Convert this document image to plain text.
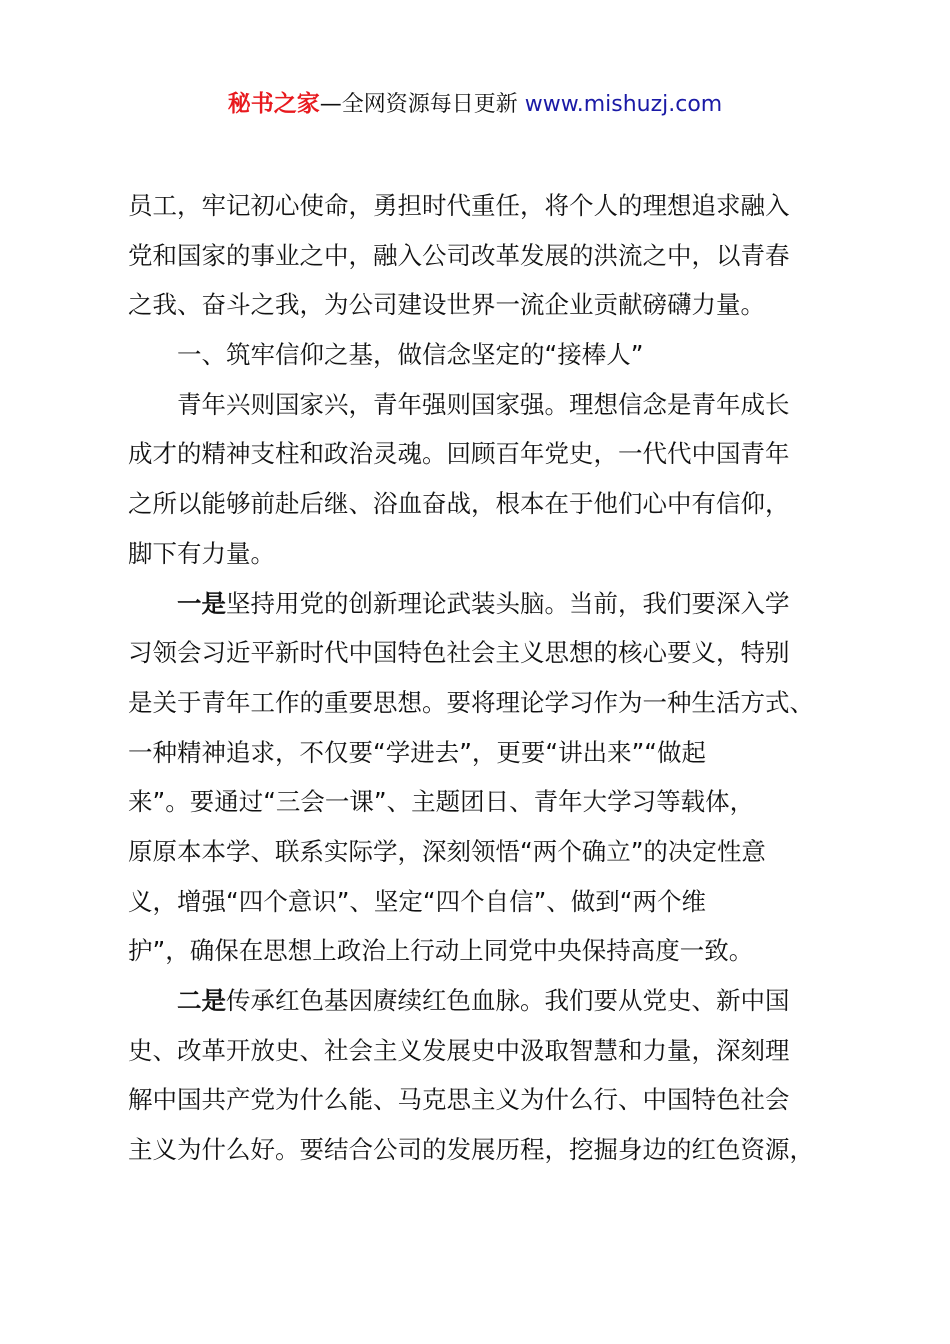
秘书之家—全网资源每日更新 www.mishuzj.com
员工，牢记初心使命，勇担时代重任，将个人的理想追求融入
党和国家的事业之中，融入公司改革发展的洪流之中，以青春
之我、奋斗之我，为公司建设世界一流企业贡献磅礴力量。
一、筑牢信仰之基，做信念坚定的“接棒人”
青年兴则国家兴，青年强则国家强。理想信念是青年成长
成才的精神支柱和政治灵魂。回顾百年党史，一代代中国青年
之所以能够前赴后继、浴血奋战，根本在于他们心中有信仰，
脚下有力量。
一是坚持用党的创新理论武装头脑。当前，我们要深入学
习领会习近平新时代中国特色社会主义思想的核心要义，特别
是关于青年工作的重要思想。要将理论学习作为一种生活方式、
一种精神追求，不仅要“学进去”，更要“讲出来”“做起
来”。要通过“三会一课”、主题团日、青年大学习等载体，
原原本本学、联系实际学，深刻领悟“两个确立”的决定性意
义，增强“四个意识”、坚定“四个自信”、做到“两个维
护”，确保在思想上政治上行动上同党中央保持高度一致。
二是传承红色基因赓续红色血脉。我们要从党史、新中国
史、改革开放史、社会主义发展史中汲取智慧和力量，深刻理
解中国共产党为什么能、马克思主义为什么行、中国特色社会
主义为什么好。要结合公司的发展历程，挖掘身边的红色资源，
